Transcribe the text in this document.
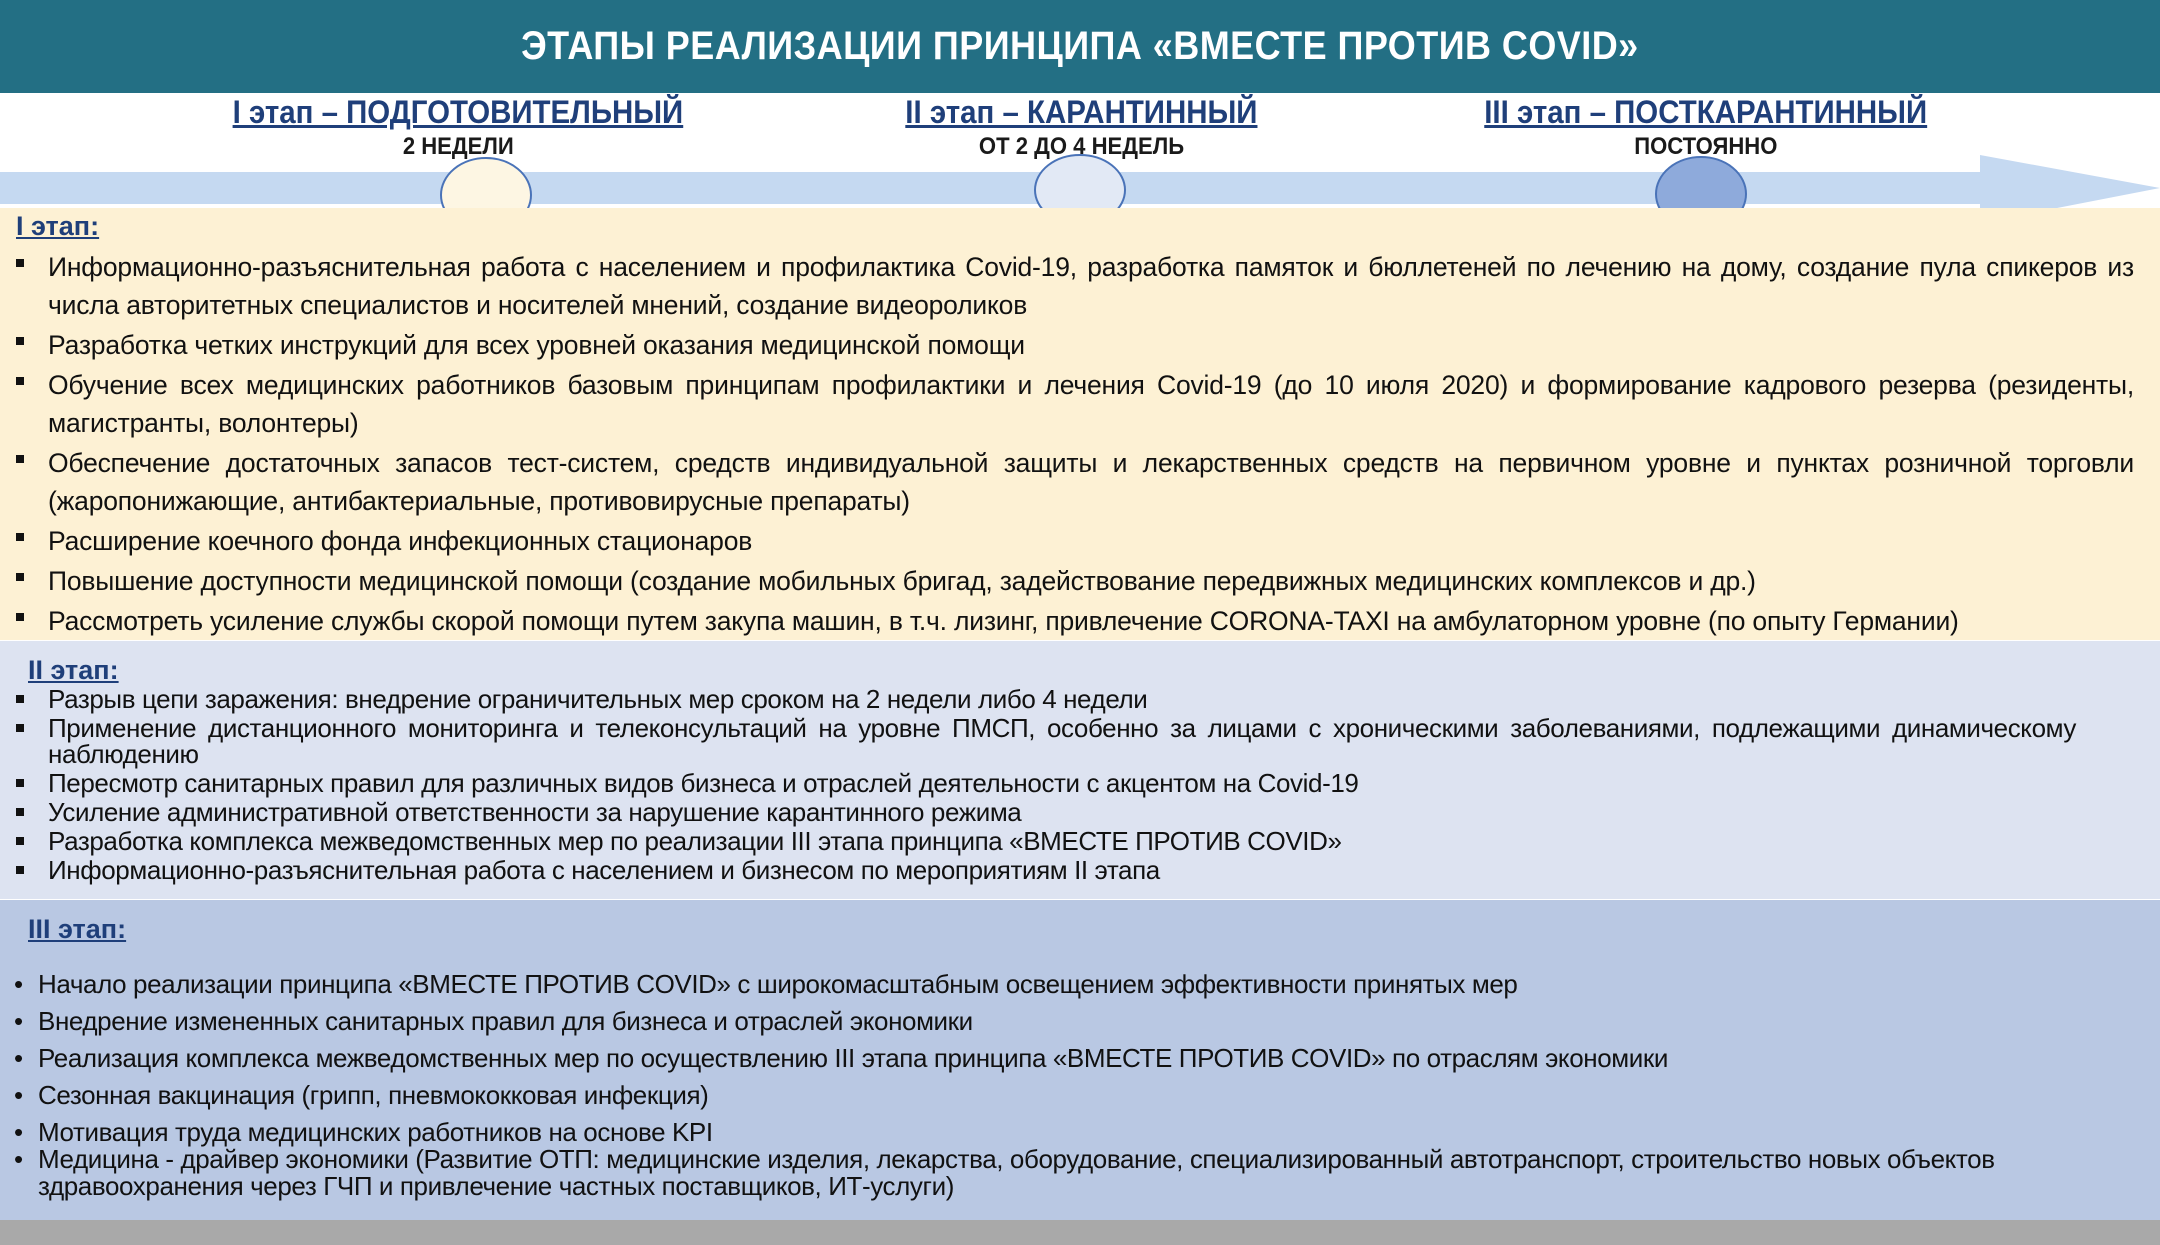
ЭТАПЫ РЕАЛИЗАЦИИ ПРИНЦИПА «ВМЕСТЕ ПРОТИВ COVID»
I этап – ПОДГОТОВИТЕЛЬНЫЙ
2 НЕДЕЛИ
II этап – КАРАНТИННЫЙ
ОТ 2 ДО 4 НЕДЕЛЬ
III этап – ПОСТКАРАНТИННЫЙ
ПОСТОЯННО
I этап:
Информационно-разъяснительная работа с населением и профилактика Covid-19, разработка памяток и бюллетеней по лечению на дому, создание пула спикеров из числа авторитетных специалистов и носителей мнений, создание видеороликов
Разработка четких инструкций для всех уровней оказания медицинской помощи
Обучение всех медицинских работников базовым принципам профилактики и лечения Covid-19 (до 10 июля 2020) и формирование кадрового резерва (резиденты, магистранты, волонтеры)
Обеспечение достаточных запасов тест-систем, средств индивидуальной защиты и лекарственных средств на первичном уровне и пунктах розничной торговли (жаропонижающие, антибактериальные, противовирусные препараты)
Расширение коечного фонда инфекционных стационаров
Повышение доступности медицинской помощи (создание мобильных бригад, задействование передвижных медицинских комплексов и др.)
Рассмотреть усиление службы скорой помощи путем закупа машин, в т.ч. лизинг, привлечение CORONA-TAXI на амбулаторном уровне (по опыту Германии)
II этап:
Разрыв цепи заражения: внедрение ограничительных мер сроком на 2 недели либо 4 недели
Применение дистанционного мониторинга и телеконсультаций на уровне ПМСП, особенно за лицами с хроническими заболеваниями, подлежащими динамическому наблюдению
Пересмотр санитарных правил для различных видов бизнеса и отраслей деятельности с акцентом на Covid-19
Усиление административной ответственности за нарушение карантинного режима
Разработка комплекса межведомственных мер по реализации III этапа принципа «ВМЕСТЕ ПРОТИВ COVID»
Информационно-разъяснительная работа с населением и бизнесом по мероприятиям II этапа
III этап:
• Начало реализации принципа «ВМЕСТЕ ПРОТИВ COVID» с широкомасштабным освещением эффективности принятых мер
• Внедрение измененных санитарных правил для бизнеса и отраслей экономики
• Реализация комплекса межведомственных мер по осуществлению III этапа принципа «ВМЕСТЕ ПРОТИВ COVID» по отраслям экономики
• Сезонная вакцинация (грипп, пневмококковая инфекция)
• Мотивация труда медицинских работников на основе KPI
• Медицина - драйвер экономики (Развитие ОТП: медицинские изделия, лекарства, оборудование, специализированный автотранспорт, строительство новых объектов здравоохранения через ГЧП и привлечение частных поставщиков, ИТ-услуги)
